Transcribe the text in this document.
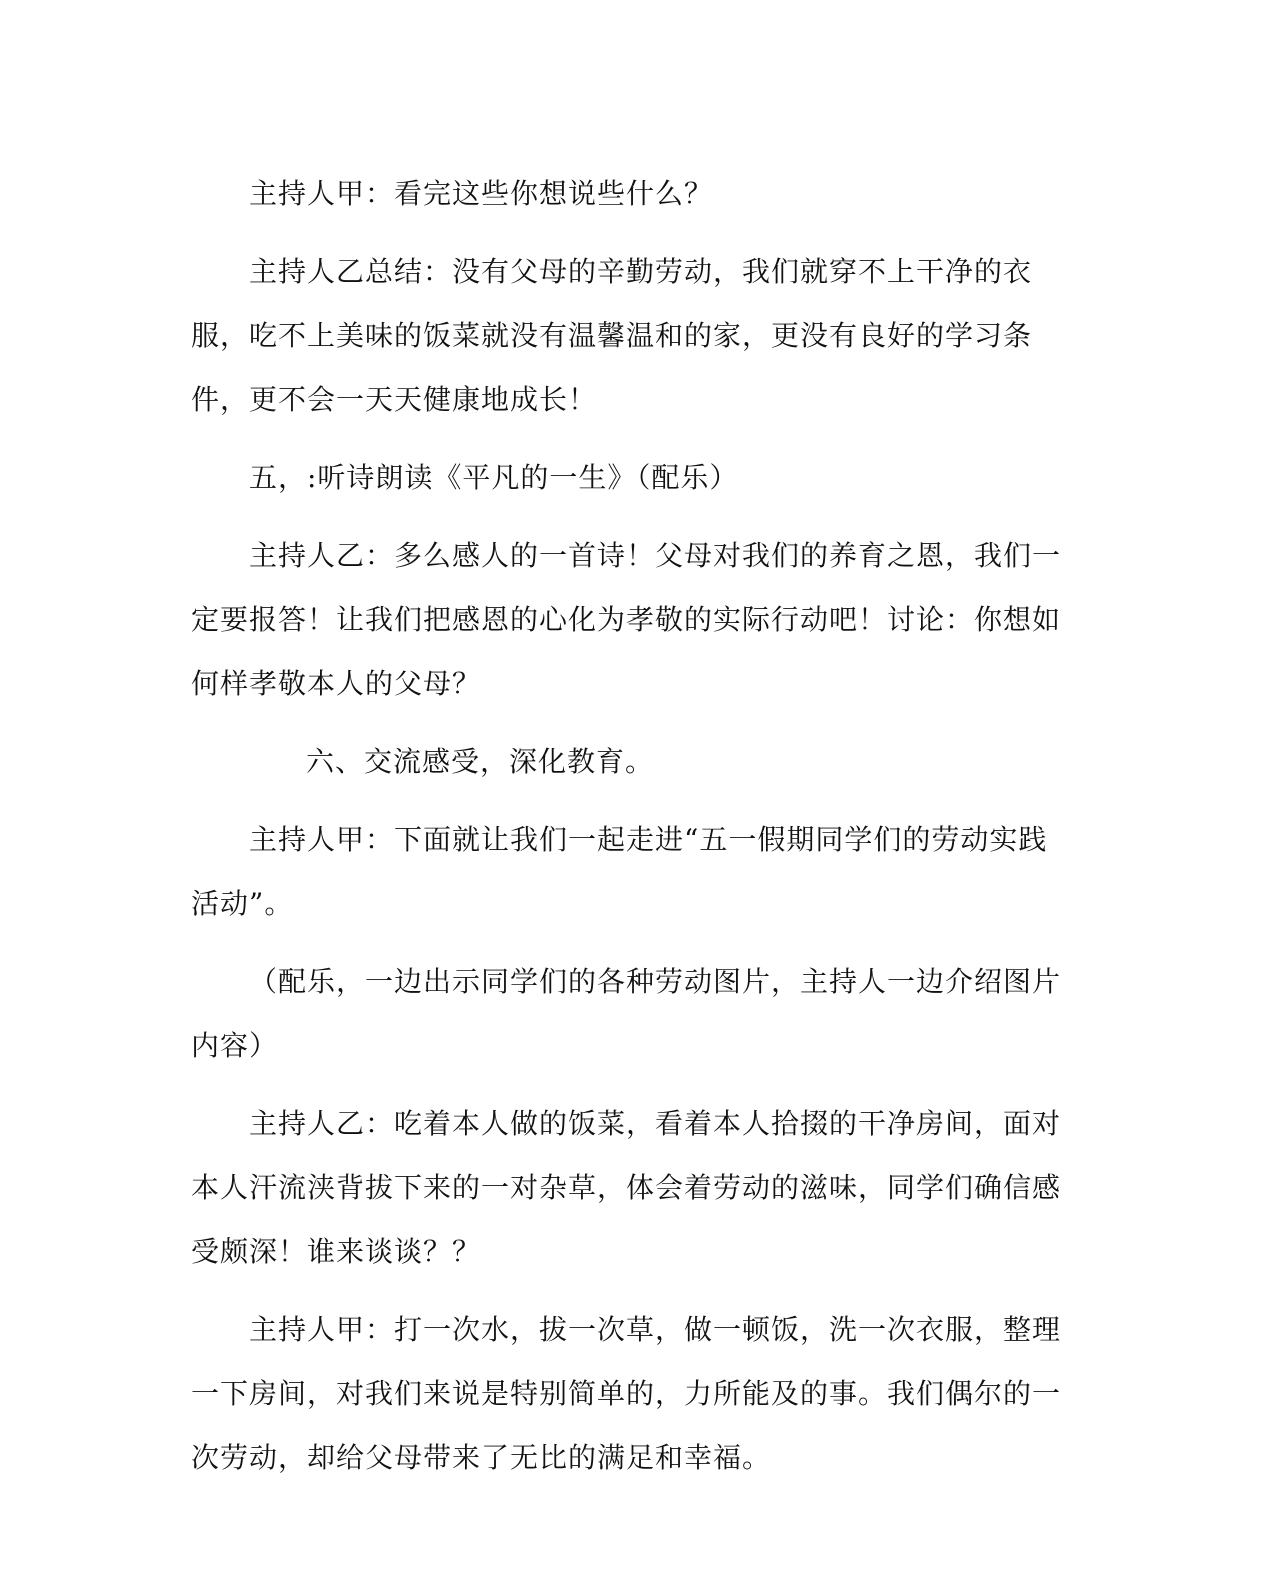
主持人甲：看完这些你想说些什么？

主持人乙总结：没有父母的辛勤劳动，我们就穿不上干净的衣服，吃不上美味的饭菜就没有温馨温和的家，更没有良好的学习条件，更不会一天天健康地成长！

五，:听诗朗读《平凡的一生》（配乐）

主持人乙：多么感人的一首诗！父母对我们的养育之恩，我们一定要报答！让我们把感恩的心化为孝敬的实际行动吧！讨论：你想如何样孝敬本人的父母？

六、交流感受，深化教育。

主持人甲：下面就让我们一起走进“五一假期同学们的劳动实践活动”。

（配乐，一边出示同学们的各种劳动图片，主持人一边介绍图片内容）

主持人乙：吃着本人做的饭菜，看着本人拾掇的干净房间，面对本人汗流浃背拔下来的一对杂草，体会着劳动的滋味，同学们确信感受颇深！谁来谈谈？？

主持人甲：打一次水，拔一次草，做一顿饭，洗一次衣服，整理一下房间，对我们来说是特别简单的，力所能及的事。我们偶尔的一次劳动，却给父母带来了无比的满足和幸福。
